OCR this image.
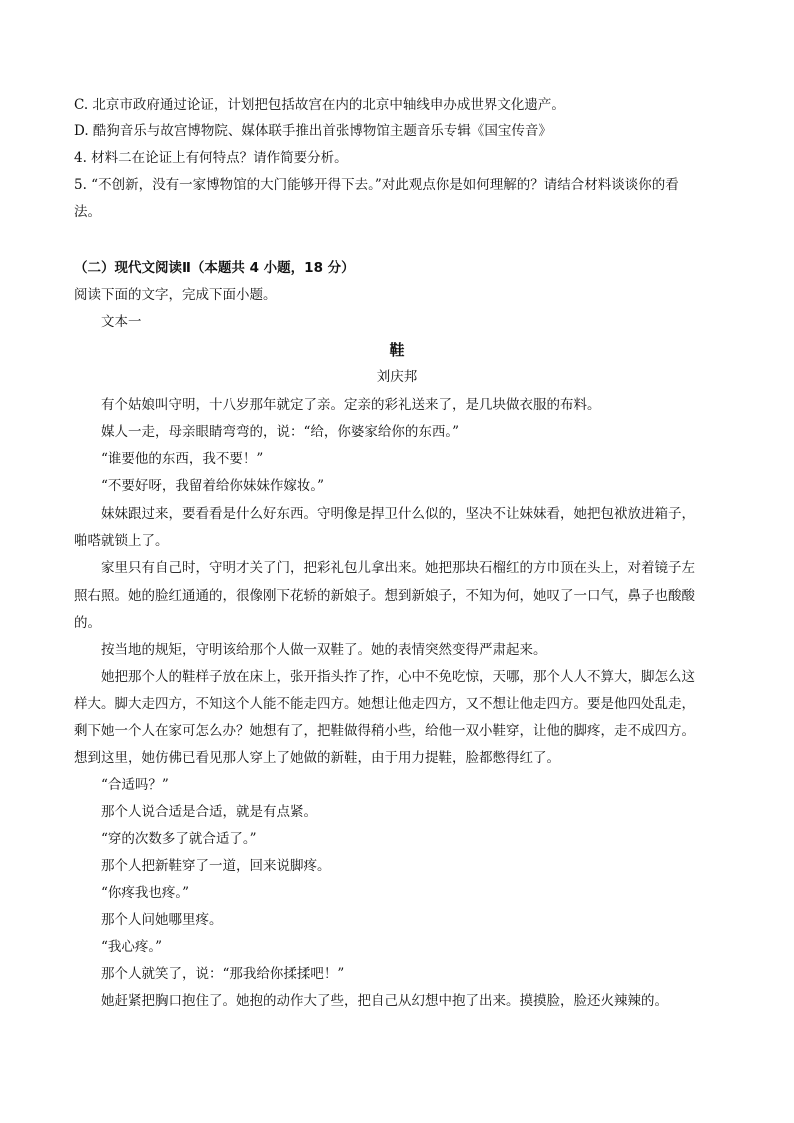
C. 北京市政府通过论证，计划把包括故宫在内的北京中轴线申办成世界文化遗产。
D. 酷狗音乐与故宫博物院、媒体联手推出首张博物馆主题音乐专辑《国宝传音》
4. 材料二在论证上有何特点？请作简要分析。
5. “不创新，没有一家博物馆的大门能够开得下去。”对此观点你是如何理解的？请结合材料谈谈你的看
法。
（二）现代文阅读Ⅱ（本题共 4 小题，18 分）
阅读下面的文字，完成下面小题。
文本一
鞋
刘庆邦
有个姑娘叫守明，十八岁那年就定了亲。定亲的彩礼送来了，是几块做衣服的布料。
媒人一走，母亲眼睛弯弯的，说：“给，你婆家给你的东西。”
“谁要他的东西，我不要！”
“不要好呀，我留着给你妹妹作嫁妆。”
妹妹跟过来，要看看是什么好东西。守明像是捍卫什么似的，坚决不让妹妹看，她把包袱放进箱子，
啪嗒就锁上了。
家里只有自己时，守明才关了门，把彩礼包儿拿出来。她把那块石榴红的方巾顶在头上，对着镜子左
照右照。她的脸红通通的，很像刚下花轿的新娘子。想到新娘子，不知为何，她叹了一口气，鼻子也酸酸
的。
按当地的规矩，守明该给那个人做一双鞋了。她的表情突然变得严肃起来。
她把那个人的鞋样子放在床上，张开指头拃了拃，心中不免吃惊，天哪，那个人人不算大，脚怎么这
样大。脚大走四方，不知这个人能不能走四方。她想让他走四方，又不想让他走四方。要是他四处乱走，
剩下她一个人在家可怎么办？她想有了，把鞋做得稍小些，给他一双小鞋穿，让他的脚疼，走不成四方。
想到这里，她仿佛已看见那人穿上了她做的新鞋，由于用力提鞋，脸都憋得红了。
“合适吗？”
那个人说合适是合适，就是有点紧。
“穿的次数多了就合适了。”
那个人把新鞋穿了一道，回来说脚疼。
“你疼我也疼。”
那个人问她哪里疼。
“我心疼。”
那个人就笑了，说：“那我给你揉揉吧！”
她赶紧把胸口抱住了。她抱的动作大了些，把自己从幻想中抱了出来。摸摸脸，脸还火辣辣的。
